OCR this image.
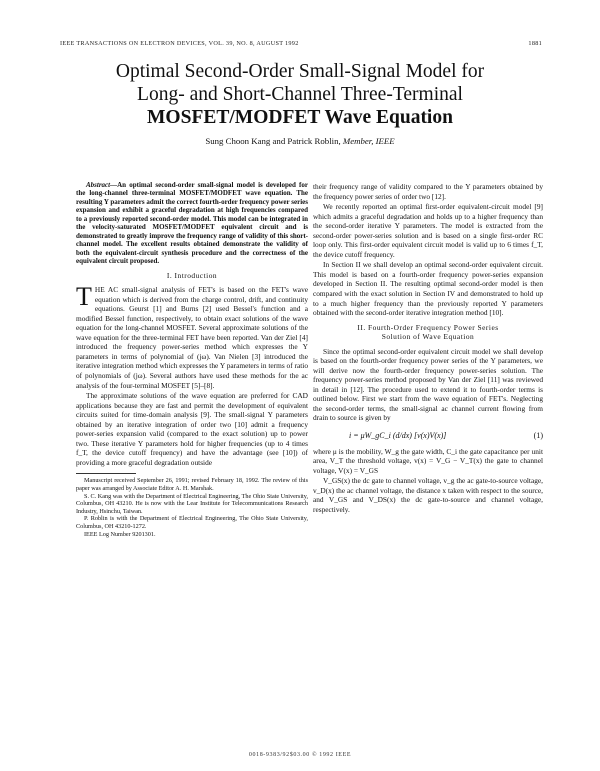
IEEE TRANSACTIONS ON ELECTRON DEVICES, VOL. 39, NO. 8, AUGUST 1992	1881
Optimal Second-Order Small-Signal Model for
Long- and Short-Channel Three-Terminal
MOSFET/MODFET Wave Equation
Sung Choon Kang and Patrick Roblin, Member, IEEE

Abstract—An optimal second-order small-signal model is developed for the long-channel three-terminal MOSFET/MODFET wave equation. The resulting Y parameters admit the correct fourth-order frequency power series expansion and exhibit a graceful degradation at high frequencies compared to a previously reported second-order model. This model can be integrated in the velocity-saturated MOSFET/MODFET equivalent circuit and is demonstrated to greatly improve the frequency range of validity of this short-channel model. The excellent results obtained demonstrate the validity of both the equivalent-circuit synthesis procedure and the correctness of the equivalent circuit proposed.

I. Introduction

THE AC small-signal analysis of FET's is based on the FET's wave equation which is derived from the charge control, drift, and continuity equations. Geurst [1] and Burns [2] used Bessel's function and a modified Bessel function, respectively, to obtain exact solutions of the wave equation for the long-channel MOSFET. Several approximate solutions of the wave equation for the three-terminal FET have been reported. Van der Ziel [4] introduced the frequency power-series method which expresses the Y parameters in terms of polynomial of (jω). Van Nielen [3] introduced the iterative integration method which expresses the Y parameters in terms of ratio of polynomials of (jω). Several authors have used these methods for the ac analysis of the four-terminal MOSFET [5]–[8].

The approximate solutions of the wave equation are preferred for CAD applications because they are fast and permit the development of equivalent circuits suited for time-domain analysis [9]. The small-signal Y parameters obtained by an iterative integration of order two [10] admit a frequency power-series expansion valid (compared to the exact solution) up to power two. These iterative Y parameters hold for higher frequencies (up to 4 times f_T, the device cutoff frequency) and have the advantage (see [10]) of providing a more graceful degradation outside

Manuscript received September 26, 1991; revised February 18, 1992. The review of this paper was arranged by Associate Editor A. H. Marshak.

S. C. Kang was with the Department of Electrical Engineering, The Ohio State University, Columbus, OH 43210. He is now with the Lear Institute for Telecommunications Research Industry, Hsinchu, Taiwan.

P. Roblin is with the Department of Electrical Engineering, The Ohio State University, Columbus, OH 43210-1272.

IEEE Log Number 9201301.

their frequency range of validity compared to the Y parameters obtained by the frequency power series of order two [12].

We recently reported an optimal first-order equivalent-circuit model [9] which admits a graceful degradation and holds up to a higher frequency than the second-order iterative Y parameters. The model is extracted from the second-order power-series solution and is based on a single first-order RC loop only. This first-order equivalent circuit model is valid up to 6 times f_T, the device cutoff frequency.

In Section II we shall develop an optimal second-order equivalent circuit. This model is based on a fourth-order frequency power-series expansion developed in Section II. The resulting optimal second-order model is then compared with the exact solution in Section IV and demonstrated to hold up to a much higher frequency than the previously reported Y parameters obtained with the second-order iterative integration method [10].

II. Fourth-Order Frequency Power Series
Solution of Wave Equation

Since the optimal second-order equivalent circuit model we shall develop is based on the fourth-order frequency power series of the Y parameters, we will derive now the fourth-order frequency power-series solution. The frequency power-series method proposed by Van der Ziel [11] was reviewed in detail in [12]. The procedure used to extend it to fourth-order terms is outlined below. First we start from the wave equation of FET's. Neglecting the second-order terms, the small-signal ac channel current flowing from drain to source is given by

i = μW_gC_i (d/dx) [v(x)V(x)]	(1)

where μ is the mobility, W_g the gate width, C_i the gate capacitance per unit area, V_T the threshold voltage, v(x) = V_G − V_T(x) the gate to channel voltage, V(x) = V_GS

V_GS(x) the dc gate to channel voltage, v_g the ac gate-to-source voltage, v_D(x) the ac channel voltage, the distance x taken with respect to the source, and V_GS and V_DS(x) the dc gate-to-source and channel voltage, respectively.

0018-9383/92$03.00 © 1992 IEEE
